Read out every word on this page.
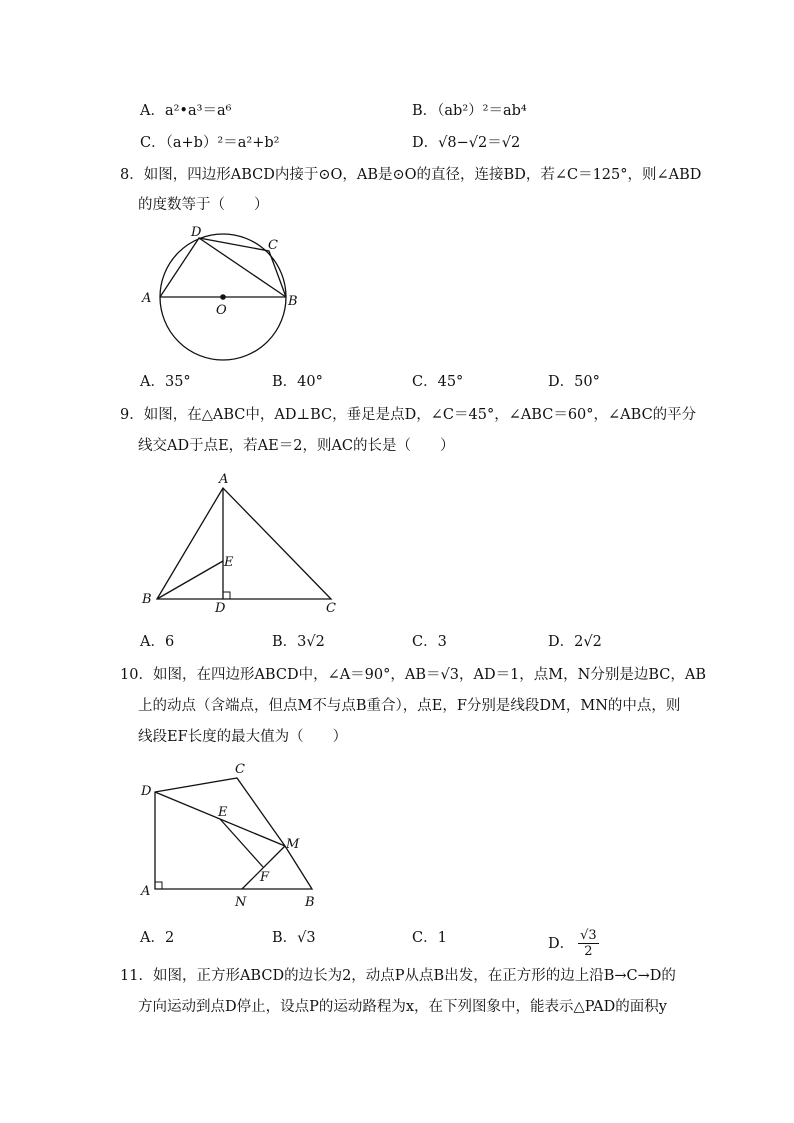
A．a²•a³＝a⁶	B．（ab²）²＝ab⁴
C．（a+b）²＝a²+b²	D．√8−√2＝√2
8．如图，四边形ABCD内接于⊙O，AB是⊙O的直径，连接BD，若∠C＝125°，则∠ABD
的度数等于（　　）
D
C
A	B
O
A．35°	B．40°	C．45°	D．50°
9．如图，在△ABC中，AD⊥BC，垂足是点D，∠C＝45°，∠ABC＝60°，∠ABC的平分
线交AD于点E，若AE＝2，则AC的长是（　　）
A
E
B
D	C
A．6	B．3√2	C．3	D．2√2
10．如图，在四边形ABCD中，∠A＝90°，AB＝√3，AD＝1，点M，N分别是边BC，AB
上的动点（含端点，但点M不与点B重合），点E，F分别是线段DM，MN的中点，则
线段EF长度的最大值为（　　）
C
D
E
M
F
A
N	B
A．2	B．√3	C．1	D． $\frac{√3}{2}$
11．如图，正方形ABCD的边长为2，动点P从点B出发，在正方形的边上沿B→C→D的
方向运动到点D停止，设点P的运动路程为x，在下列图象中，能表示△PAD的面积y
